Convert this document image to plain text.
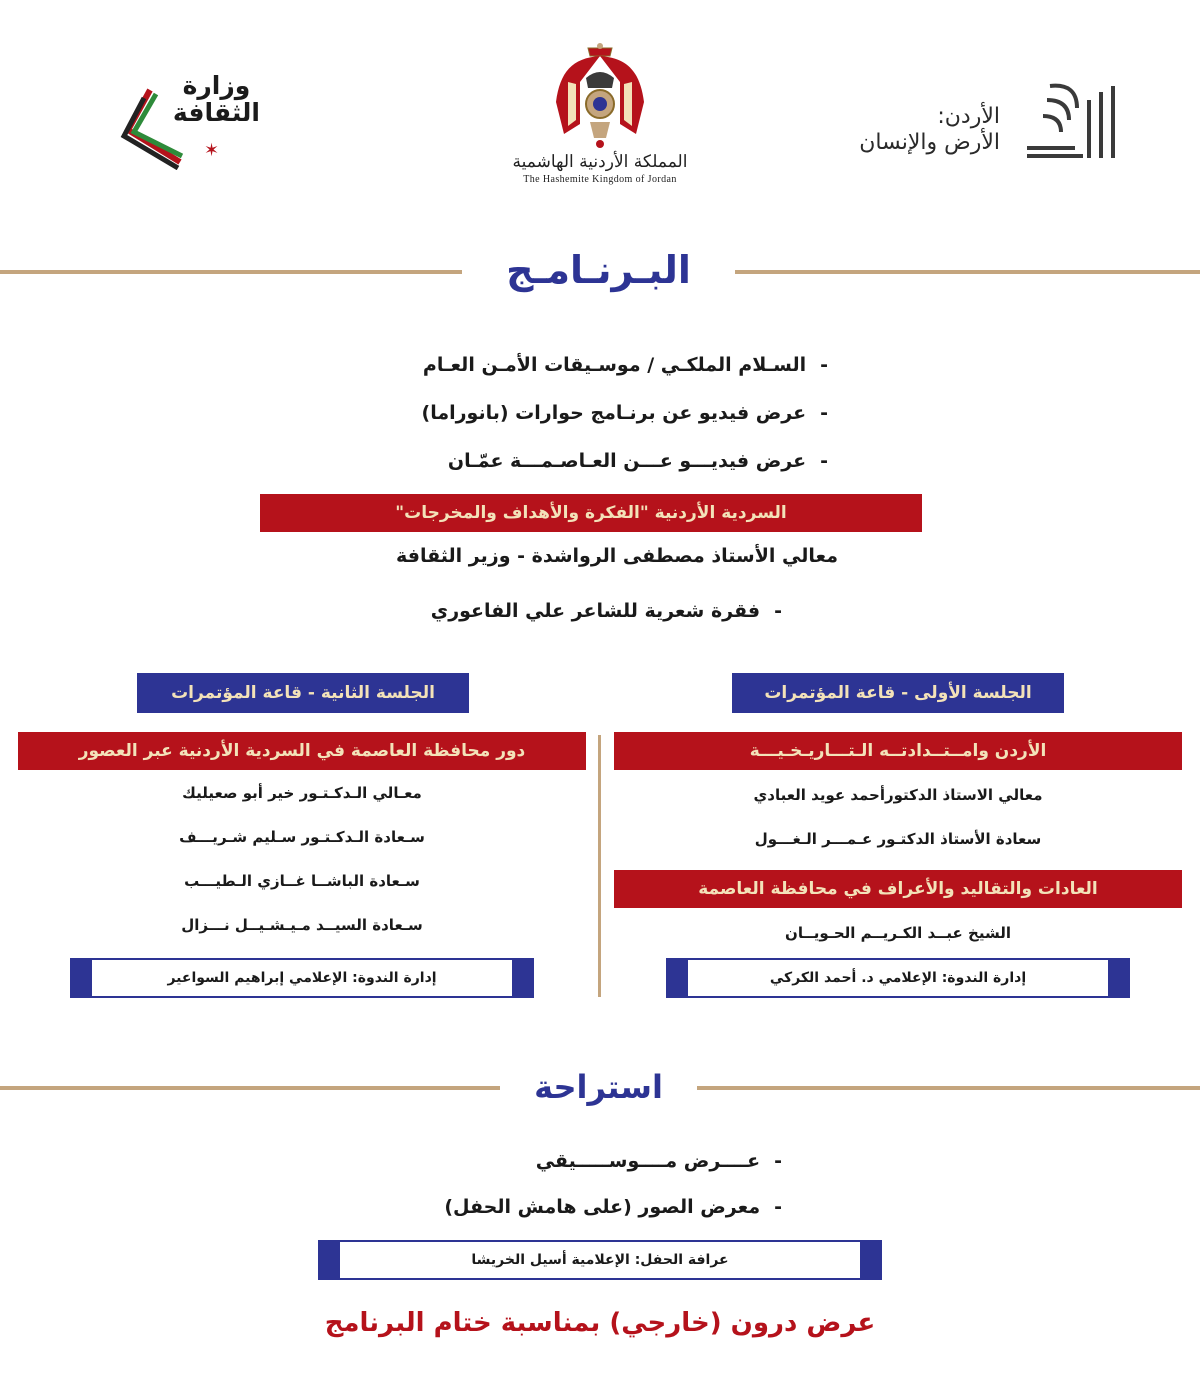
الأردن:
الأرض والإنسان
المملكة الأردنية الهاشمية
The Hashemite Kingdom of Jordan
وزارة
الثقافة
✶
البـرنـامـج
-السـلام الملكـي / موسـيقات الأمـن العـام
-عرض فيديو عن برنـامج حوارات (بانوراما)
-عرض فيديـــو عـــن العـاصـمـــة عمّـان
السردية الأردنية "الفكرة والأهداف والمخرجات"
معالي الأستاذ مصطفى الرواشدة - وزير الثقافة
-فقرة شعرية للشاعر علي الفاعوري
الجلسة الأولى - قاعة المؤتمرات
الأردن وامــتــدادتــه الـتـــاريـخـيـــة
معالي الاستاذ الدكتورأحمد عويد العبادي
سعادة الأستاذ الدكتـور عـمـــر الـغـــول
العادات والتقاليد والأعراف في محافظة العاصمة
الشيخ عبــد الكـريــم الحـويــان
إدارة الندوة: الإعلامي د. أحمد الكركي
الجلسة الثانية - قاعة المؤتمرات
دور محافظة العاصمة في السردية الأردنية عبر العصور
معـالي الـدكـتـور خير أبو صعيليك
سـعادة الـدكـتـور سـليم شـريـــف
سـعادة الباشــا غــازي الـطيـــب
سـعادة السيــد مـيـشـيــل نـــزال
إدارة الندوة: الإعلامي إبراهيم السواعير
استراحة
-عــــرض مــــوســـــيقي
-معرض الصور (على هامش الحفل)
عرافة الحفل: الإعلامية أسيل الخريشا
عرض درون (خارجي) بمناسبة ختام البرنامج
